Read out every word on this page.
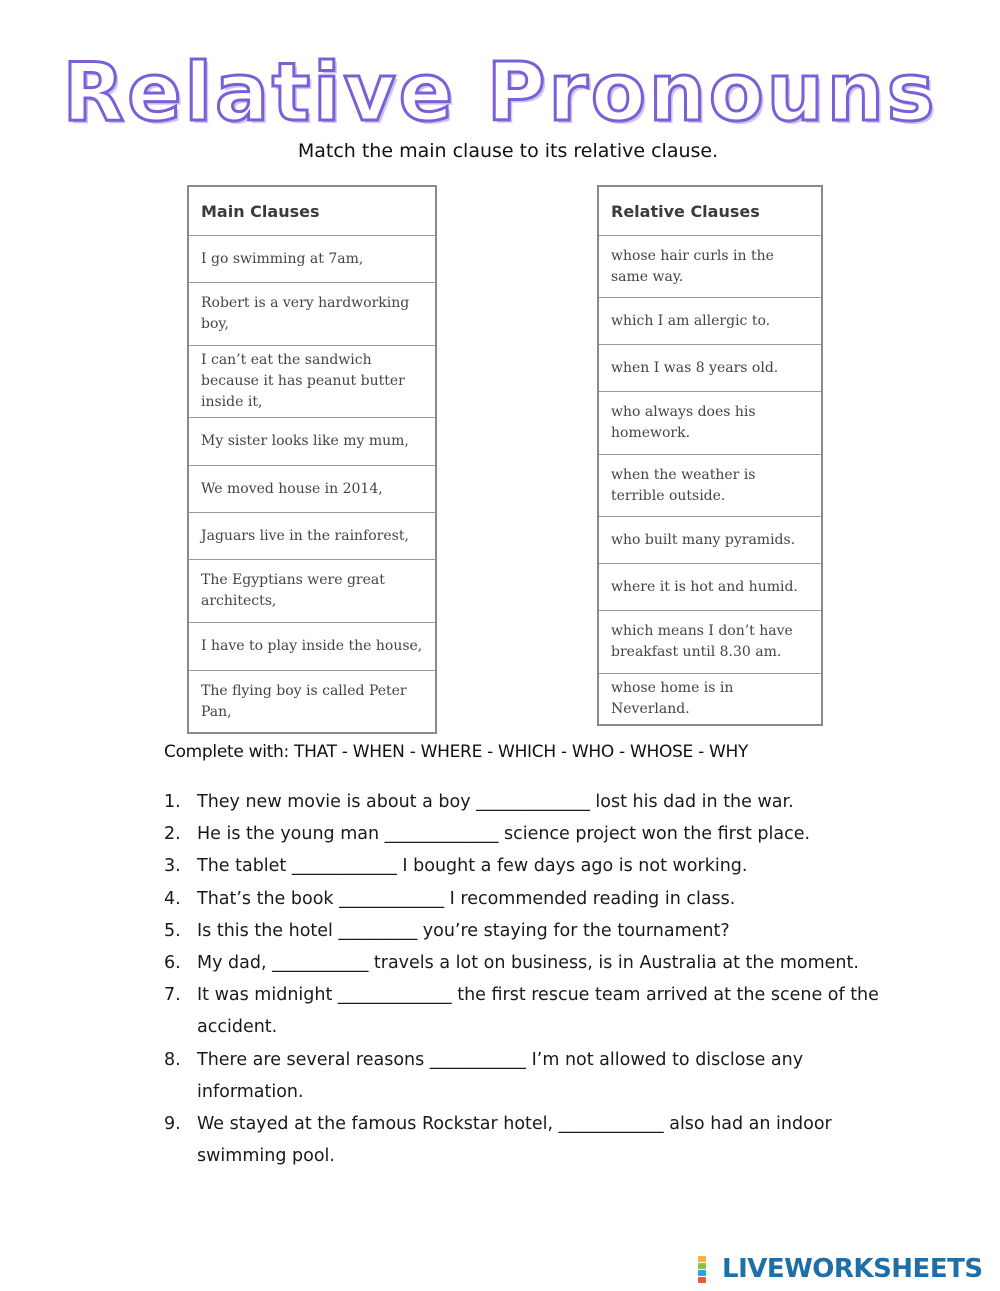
Relative Pronouns
Match the main clause to its relative clause.
Main Clauses
I go swimming at 7am,
Robert is a very hardworking boy,
I can’t eat the sandwich because it has peanut butter inside it,
My sister looks like my mum,
We moved house in 2014,
Jaguars live in the rainforest,
The Egyptians were great architects,
I have to play inside the house,
The flying boy is called Peter Pan,
Relative Clauses
whose hair curls in the same way.
which I am allergic to.
when I was 8 years old.
who always does his homework.
when the weather is terrible outside.
who built many pyramids.
where it is hot and humid.
which means I don’t have breakfast until 8.30 am.
whose home is in Neverland.
Complete with: THAT - WHEN - WHERE - WHICH - WHO - WHOSE - WHY
1. They new movie is about a boy _____________ lost his dad in the war.
2. He is the young man _____________ science project won the first place.
3. The tablet ____________ I bought a few days ago is not working.
4. That’s the book ____________ I recommended reading in class.
5. Is this the hotel _________ you’re staying for the tournament?
6. My dad, ___________ travels a lot on business, is in Australia at the moment.
7. It was midnight _____________ the first rescue team arrived at the scene of the accident.
8. There are several reasons ___________ I’m not allowed to disclose any information.
9. We stayed at the famous Rockstar hotel, ____________ also had an indoor swimming pool.
LIVEWORKSHEETS
